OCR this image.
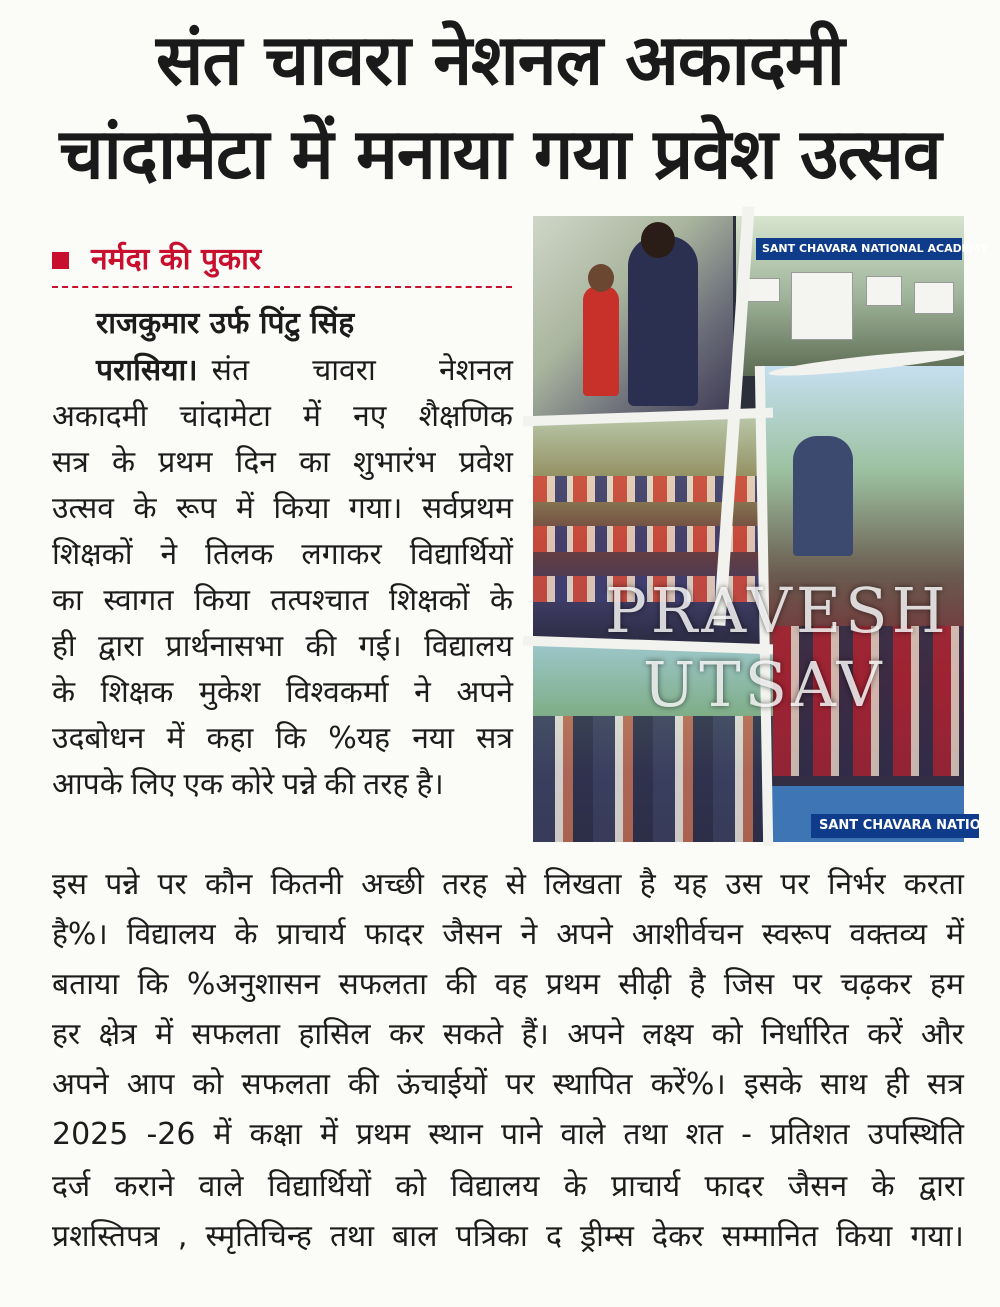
संत चावरा नेशनल अकादमी
चांदामेटा में मनाया गया प्रवेश उत्सव
नर्मदा की पुकार
राजकुमार उर्फ पिंटु सिंह
परासिया। संत चावरा नेशनल
अकादमी चांदामेटा में नए शैक्षणिक
सत्र के प्रथम दिन का शुभारंभ प्रवेश
उत्सव के रूप में किया गया। सर्वप्रथम
शिक्षकों ने तिलक लगाकर विद्यार्थियों
का स्वागत किया तत्पश्चात शिक्षकों के
ही द्वारा प्रार्थनासभा की गई। विद्यालय
के शिक्षक मुकेश विश्वकर्मा ने अपने
उदबोधन में कहा कि %यह नया सत्र
आपके लिए एक कोरे पन्ने की तरह है।
इस पन्ने पर कौन कितनी अच्छी तरह से लिखता है यह उस पर निर्भर करता
है%। विद्यालय के प्राचार्य फादर जैसन ने अपने आशीर्वचन स्वरूप वक्तव्य में
बताया कि %अनुशासन सफलता की वह प्रथम सीढ़ी है जिस पर चढ़कर हम
हर क्षेत्र में सफलता हासिल कर सकते हैं। अपने लक्ष्य को निर्धारित करें और
अपने आप को सफलता की ऊंचाईयों पर स्थापित करें%। इसके साथ ही सत्र
2025 -26 में कक्षा में प्रथम स्थान पाने वाले तथा शत - प्रतिशत उपस्थिति
दर्ज कराने वाले विद्यार्थियों को विद्यालय के प्राचार्य फादर जैसन के द्वारा
प्रशस्तिपत्र , स्मृतिचिन्ह तथा बाल पत्रिका द ड्रीम्स देकर सम्मानित किया गया।
SANT CHAVARA NATIONAL ACADEMY
SANT CHAVARA NATIO
PRAVESH
UTSAV
